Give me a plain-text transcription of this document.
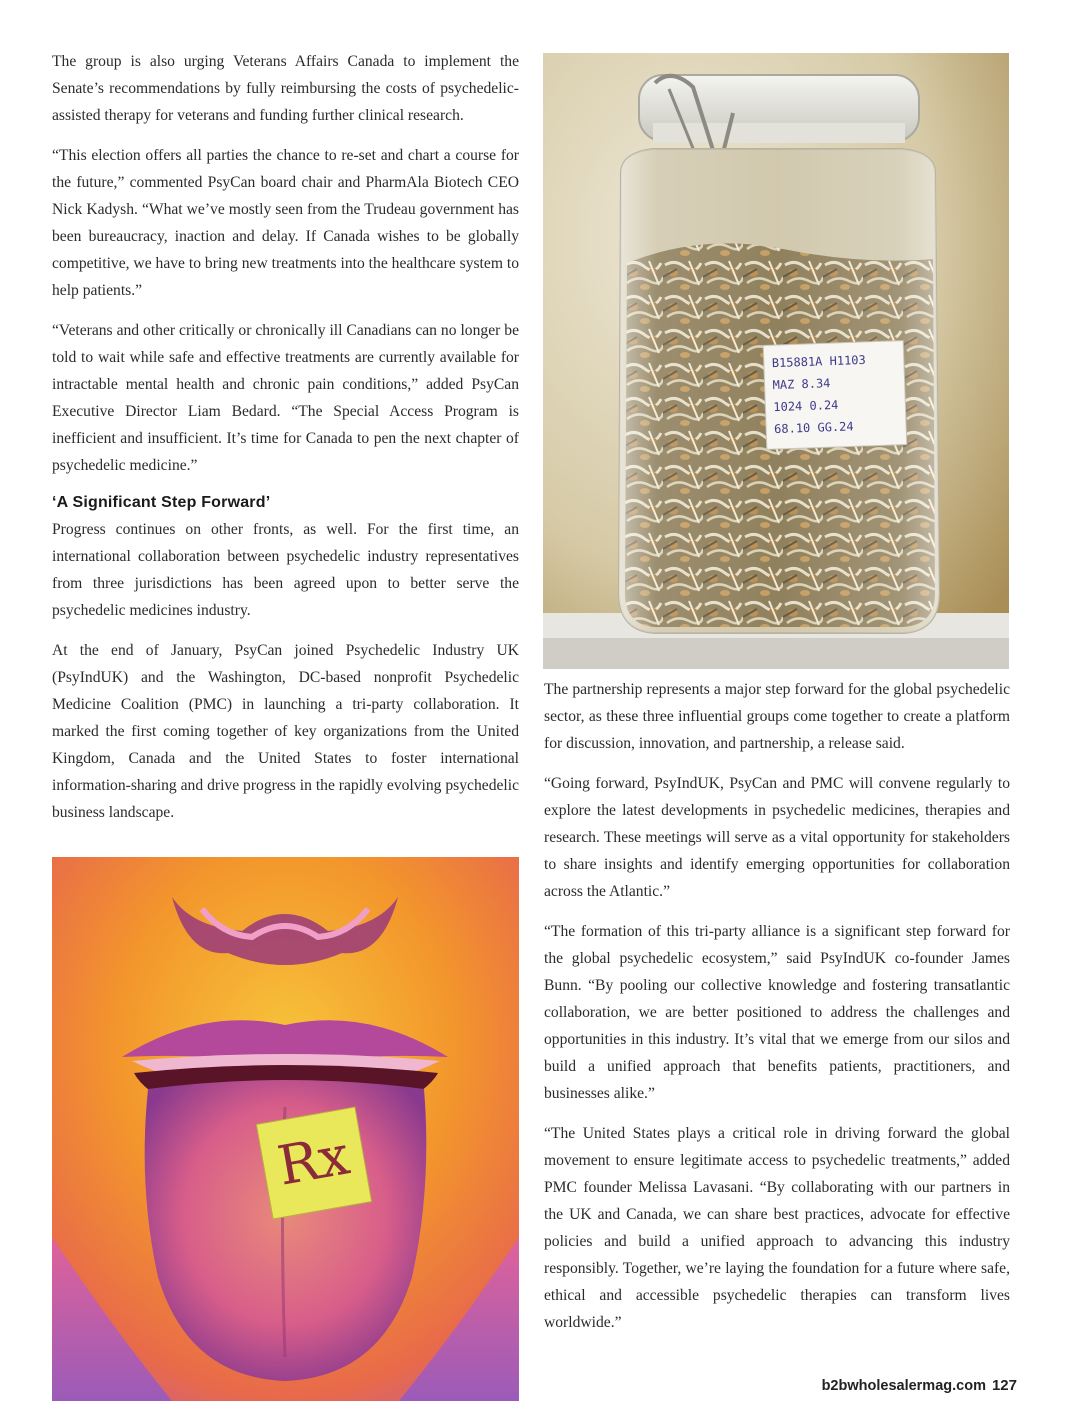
The group is also urging Veterans Affairs Canada to implement the Senate’s recommendations by fully reimbursing the costs of psychedelic-assisted therapy for veterans and funding further clinical research.

“This election offers all parties the chance to re-set and chart a course for the future,” commented PsyCan board chair and PharmAla Biotech CEO Nick Kadysh. “What we’ve mostly seen from the Trudeau government has been bureaucracy, inaction and delay. If Canada wishes to be globally competitive, we have to bring new treatments into the healthcare system to help patients.”

“Veterans and other critically or chronically ill Canadians can no longer be told to wait while safe and effective treatments are currently available for intractable mental health and chronic pain conditions,” added PsyCan Executive Director Liam Bedard. “The Special Access Program is inefficient and insufficient. It’s time for Canada to pen the next chapter of psychedelic medicine.”

‘A Significant Step Forward’

Progress continues on other fronts, as well. For the first time, an international collaboration between psychedelic industry representatives from three jurisdictions has been agreed upon to better serve the psychedelic medicines industry.

At the end of January, PsyCan joined Psychedelic Industry UK (PsyIndUK) and the Washington, DC-based nonprofit Psychedelic Medicine Coalition (PMC) in launching a tri-party collaboration. It marked the first coming together of key organizations from the United Kingdom, Canada and the United States to foster international information-sharing and drive progress in the rapidly evolving psychedelic business landscape.

B15881A H1103
MAZ 8.34
1024 0.24
68.10 GG.24

The partnership represents a major step forward for the global psychedelic sector, as these three influential groups come together to create a platform for discussion, innovation, and partnership, a release said.

“Going forward, PsyIndUK, PsyCan and PMC will convene regularly to explore the latest developments in psychedelic medicines, therapies and research. These meetings will serve as a vital opportunity for stakeholders to share insights and identify emerging opportunities for collaboration across the Atlantic.”

“The formation of this tri-party alliance is a significant step forward for the global psychedelic ecosystem,” said PsyIndUK co-founder James Bunn. “By pooling our collective knowledge and fostering transatlantic collaboration, we are better positioned to address the challenges and opportunities in this industry. It’s vital that we emerge from our silos and build a unified approach that benefits patients, practitioners, and businesses alike.”

“The United States plays a critical role in driving forward the global movement to ensure legitimate access to psychedelic treatments,” added PMC founder Melissa Lavasani. “By collaborating with our partners in the UK and Canada, we can share best practices, advocate for effective policies and build a unified approach to advancing this industry responsibly. Together, we’re laying the foundation for a future where safe, ethical and accessible psychedelic therapies can transform lives worldwide.”

Rx
b2bwholesalermag.com 127
